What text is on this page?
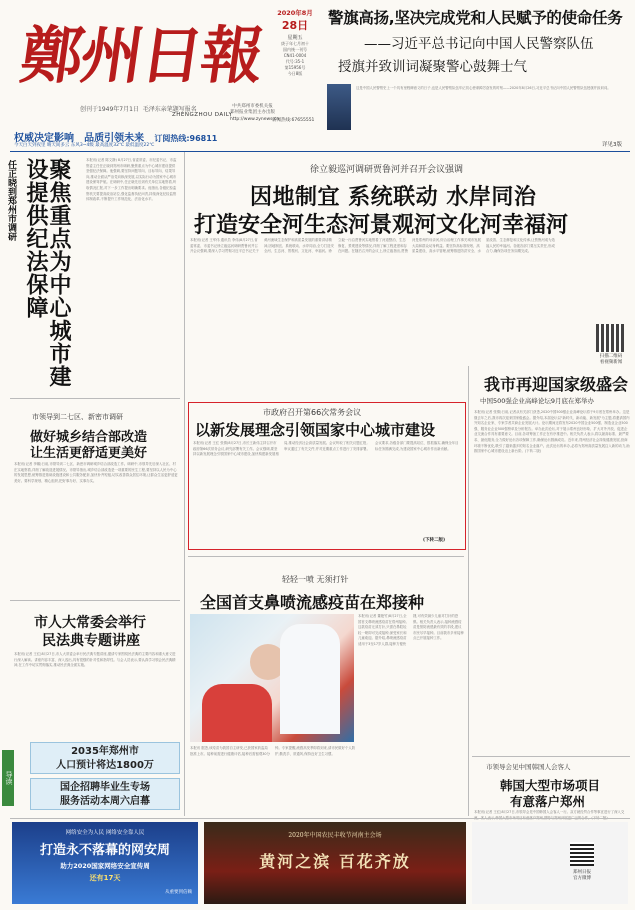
鄭州日報
创刊于1949年7月1日 毛泽东亲笔题写报名
ZHENGZHOU DAILY
中共郑州市委机关报
郑州报业集团主办出版
http://www.zynews.cn
新闻热线:67655551
2020年8月
28日
星期五
庚子年七月初十
国内统一刊号
CN41-0004
代号:35-1
第15956号
今日8版
警旗高扬,坚决完成党和人民赋予的使命任务
——习近平总书记向中国人民警察队伍
授旗并致训词凝聚警心鼓舞士气
这是中国人民警察史上一个具有里程碑意义的日子,也是人民警察队伍牢记初心使命踔厉奋发的时刻——2020年8月26日,习近平总书记向中国人民警察队伍授旗并致训词。
详见3版
权威决定影响 品质引领未来 订阅热线:96811
今天白天到夜里 晴天间多云 东风3~4级 最高温度32℃ 最低温度22℃
聚焦重点为中心城市建设提供纪法保障
任正晓到郑州市调研	本报讯(记者 陈文静) 8月27日,省委常委、市纪委书记、市监察委主任任正晓到郑州市调研,聚焦重点为中心城市建设提供坚强纪法保障。他强调,要坚持问题导向、目标导向、结果导向,推动全面从严治党向纵深发展,以实际行动为国家中心城市建设保驾护航。在调研中,任正晓先后到有关单位实地察看,听取情况汇报,对下一步工作提出明确要求。他指出,各级纪检监察机关要提高政治站位,强化监督执纪问责,持续深化纪检监察体制改革,不断提升工作规范化、法治化水平。
市领导到二七区、新密市调研
做好城乡结合部改造
让生活更舒适更美好
本报讯(记者 李娜)日前,市领导到二七区、新密市调研城乡结合部改造工作。调研中,市领导先后深入社区、村庄实地察看,详细了解改造进展情况。市领导指出,城乡结合部改造是一项重要的民生工程,要坚持以人民为中心的发展思想,统筹推进基础设施建设和公共服务配套,加快补齐短板,切实改善群众居住环境,让群众生活更舒适更美好。要科学规划、精心组织,把好事办好、实事办实。
市人大常委会举行
民法典专题讲座
本报讯(记者 王红)8月27日,市人大常委会举行民法典专题讲座,邀请专家围绕民法典的主要内容和重大意义进行深入解读。讲座内容丰富、深入浅出,具有很强的针对性和指导性。与会人员表示,要认真学习领会民法典精神,在工作中切实贯彻落实,推动民法典全面实施。
导读
2035年郑州市
人口预计将达1800万
国企招聘毕业生专场
服务活动本周六启幕
徐立毅巡河调研贾鲁河并召开会议强调
因地制宜 系统联动 水岸同治
打造安全河生态河景观河文化河幸福河
本报讯(记者 王军伟 通讯员 李伟)8月27日,省委常委、市委书记徐立毅巡河调研贾鲁河并召开会议强调,要深入学习贯彻习近平总书记关于黄河流域生态保护和高质量发展的重要讲话精神,因地制宜、系统联动、水岸同治,全力打造安全河、生态河、景观河、文化河、幸福河。徐立毅一行沿贾鲁河实地察看了河道整治、生态修复、景观建设等情况,详细了解工程进度和存在问题。在随后召开的会议上,徐立毅指出,贾鲁河是郑州的母亲河,综合治理工作事关城市发展大局和群众切身利益。要坚持高标准规划、高质量建设、高水平管理,统筹推进防洪安全、水质改善、生态修复和文化传承,让贾鲁河成为造福人民的幸福河。各级各部门要压实责任,形成合力,确保各项任务如期完成。
扫描二维码
看视频新闻
市政府召开第66次常务会议
以新发展理念引领国家中心城市建设
本报讯(记者 王红 张倩)8月27日,市长王新伟主持召开市政府第66次常务会议,研究部署有关工作。会议强调,要坚持以新发展理念引领国家中心城市建设,加快构建新发展格局,推动经济社会高质量发展。会议听取了相关议题汇报,审议通过了有关文件,并对近期重点工作进行了安排部署。会议要求,各级各部门要提高站位、狠抓落实,确保全年目标任务圆满完成,为建设国家中心城市作出新贡献。
(下转二版)
轻轻一喷 无须打针
全国首支鼻喷流感疫苗在郑接种
本报讯(记者 董艳竹)8月27日,全国首支鼻喷流感疫苗在郑州接种。这款疫苗无须打针,只需在鼻腔轻轻一喷即可完成接种,深受家长和儿童欢迎。据介绍,鼻喷流感疫苗适用于3至17岁人群,接种方便快捷,可有效减少儿童对打针的恐惧。相关负责人表示,接种流感疫苗是预防流感最有效的手段,建议市民尽早接种。目前我市多家接种点已开展接种工作。
本报讯 据悉,该疫苗为我国自主研发,已获国家药监局批准上市。接种前需进行健康评估,接种后需留观30分钟。专家提醒,流感高发季即将到来,请市民做好个人防护,勤洗手、常通风,保持良好卫生习惯。
我市再迎国家级盛会
中国500强企业高峰论坛9月底在郑举办
本报讯(记者 张倩)日前,记者从有关部门获悉,2020中国500强企业高峰论坛将于9月底在郑州举办。这是继去年之后,我市再次迎来国家级盛会。据介绍,本届论坛以"新时代、新动能、新发展"为主题,将邀请国内外知名企业家、专家学者共商企业发展大计。论坛期间还将发布2020中国企业500强、制造业企业500强、服务业企业500强榜单及分析报告。举办此次论坛,对于展示郑州良好形象、扩大对外开放、促进企业交流合作具有重要意义。目前,各项筹备工作正在有序推进中。相关负责人表示,将以最高标准、最严要求、最优服务,全力做好论坛各项保障工作,确保论坛圆满成功。近年来,郑州经济社会持续健康发展,营商环境不断优化,吸引了越来越多的知名企业落户。此次论坛的举办,必将为郑州高质量发展注入新的动力,助推国家中心城市建设迈上新台阶。(下转二版)
市领导会见中国韩国人会客人
韩国大型市场项目
有意落户郑州
本报讯(记者 王红)8月27日,市领导会见中国韩国人会客人一行。双方就经贸合作等事宜进行了深入交
网络安全为人民 网络安全靠人民
打造永不落幕的网安周
助力2020国家网络安全宣传周
还有17天
从重要到信赖
2020年中国农民丰收节河南主会场
黄河之滨 百花齐放
郑州日报
官方微博
